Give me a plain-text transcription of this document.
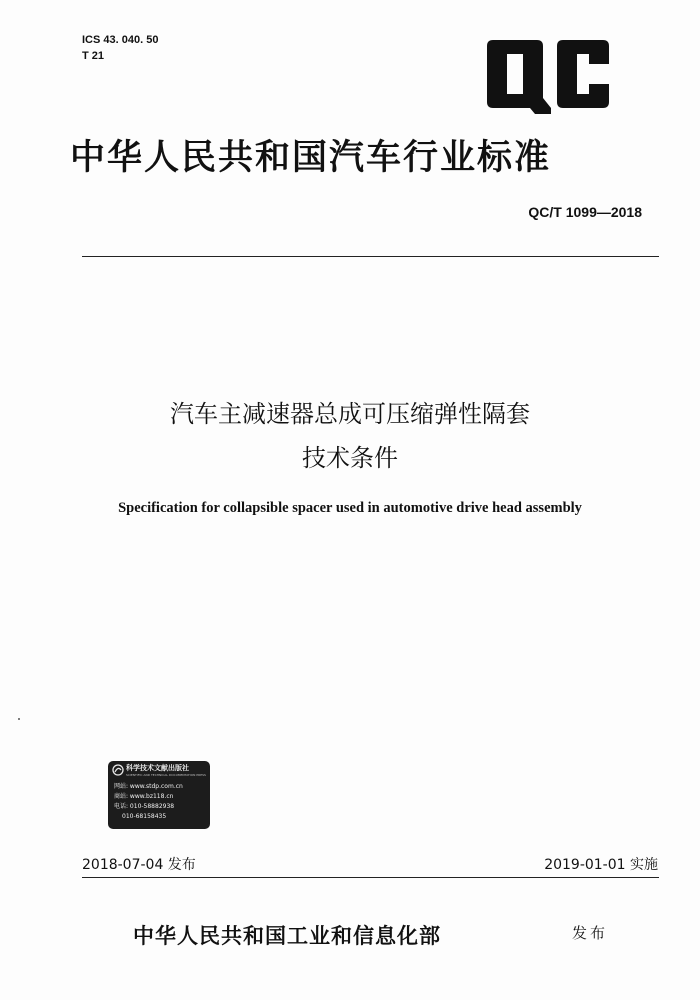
ICS 43. 040. 50
T 21
中华人民共和国汽车行业标准
QC/T 1099—2018
汽车主减速器总成可压缩弹性隔套
技术条件
Specification for collapsible spacer used in automotive drive head assembly
科学技术文献出版社
SCIENTIFIC AND TECHNICAL DOCUMENTATION PRESS
网站: www.stdp.com.cn
商站: www.bz118.cn
电话: 010-58882938
010-68158435
2018-07-04 发布	2019-01-01 实施
中华人民共和国工业和信息化部	发布
